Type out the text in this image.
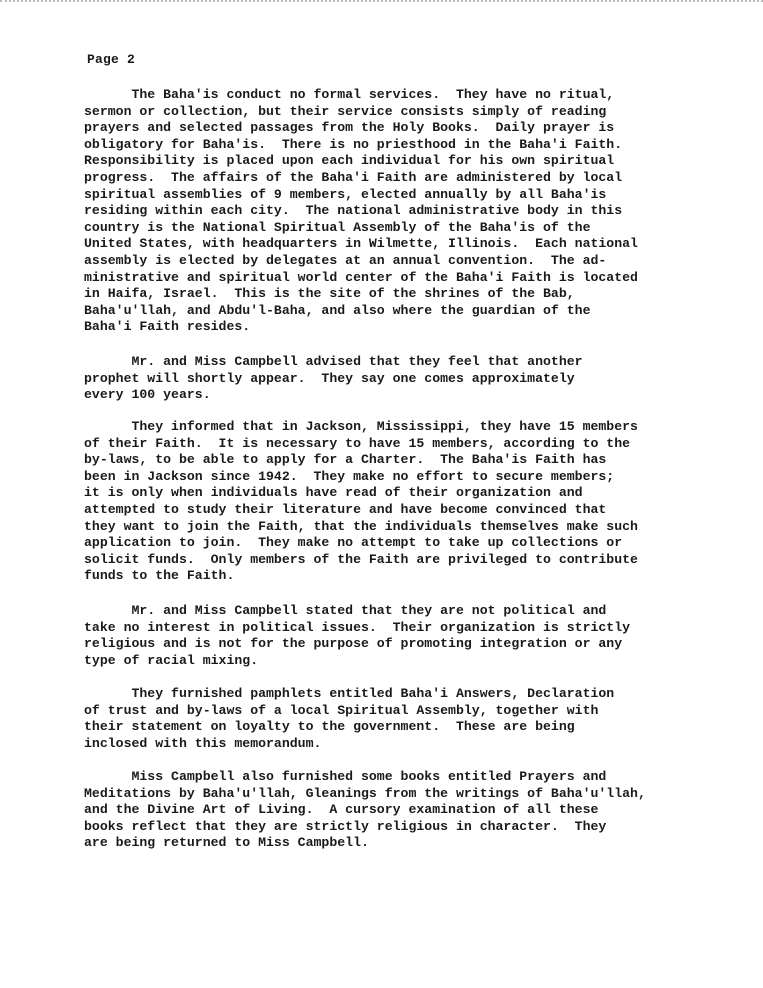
Page 2

The Baha'is conduct no formal services.  They have no ritual,
sermon or collection, but their service consists simply of reading
prayers and selected passages from the Holy Books.  Daily prayer is
obligatory for Baha'is.  There is no priesthood in the Baha'i Faith.
Responsibility is placed upon each individual for his own spiritual
progress.  The affairs of the Baha'i Faith are administered by local
spiritual assemblies of 9 members, elected annually by all Baha'is
residing within each city.  The national administrative body in this
country is the National Spiritual Assembly of the Baha'is of the
United States, with headquarters in Wilmette, Illinois.  Each national
assembly is elected by delegates at an annual convention.  The ad-
ministrative and spiritual world center of the Baha'i Faith is located
in Haifa, Israel.  This is the site of the shrines of the Bab,
Baha'u'llah, and Abdu'l-Baha, and also where the guardian of the
Baha'i Faith resides.

Mr. and Miss Campbell advised that they feel that another
prophet will shortly appear.  They say one comes approximately
every 100 years.

They informed that in Jackson, Mississippi, they have 15 members
of their Faith.  It is necessary to have 15 members, according to the
by-laws, to be able to apply for a Charter.  The Baha'is Faith has
been in Jackson since 1942.  They make no effort to secure members;
it is only when individuals have read of their organization and
attempted to study their literature and have become convinced that
they want to join the Faith, that the individuals themselves make such
application to join.  They make no attempt to take up collections or
solicit funds.  Only members of the Faith are privileged to contribute
funds to the Faith.

Mr. and Miss Campbell stated that they are not political and
take no interest in political issues.  Their organization is strictly
religious and is not for the purpose of promoting integration or any
type of racial mixing.

They furnished pamphlets entitled Baha'i Answers, Declaration
of trust and by-laws of a local Spiritual Assembly, together with
their statement on loyalty to the government.  These are being
inclosed with this memorandum.

Miss Campbell also furnished some books entitled Prayers and
Meditations by Baha'u'llah, Gleanings from the writings of Baha'u'llah,
and the Divine Art of Living.  A cursory examination of all these
books reflect that they are strictly religious in character.  They
are being returned to Miss Campbell.
